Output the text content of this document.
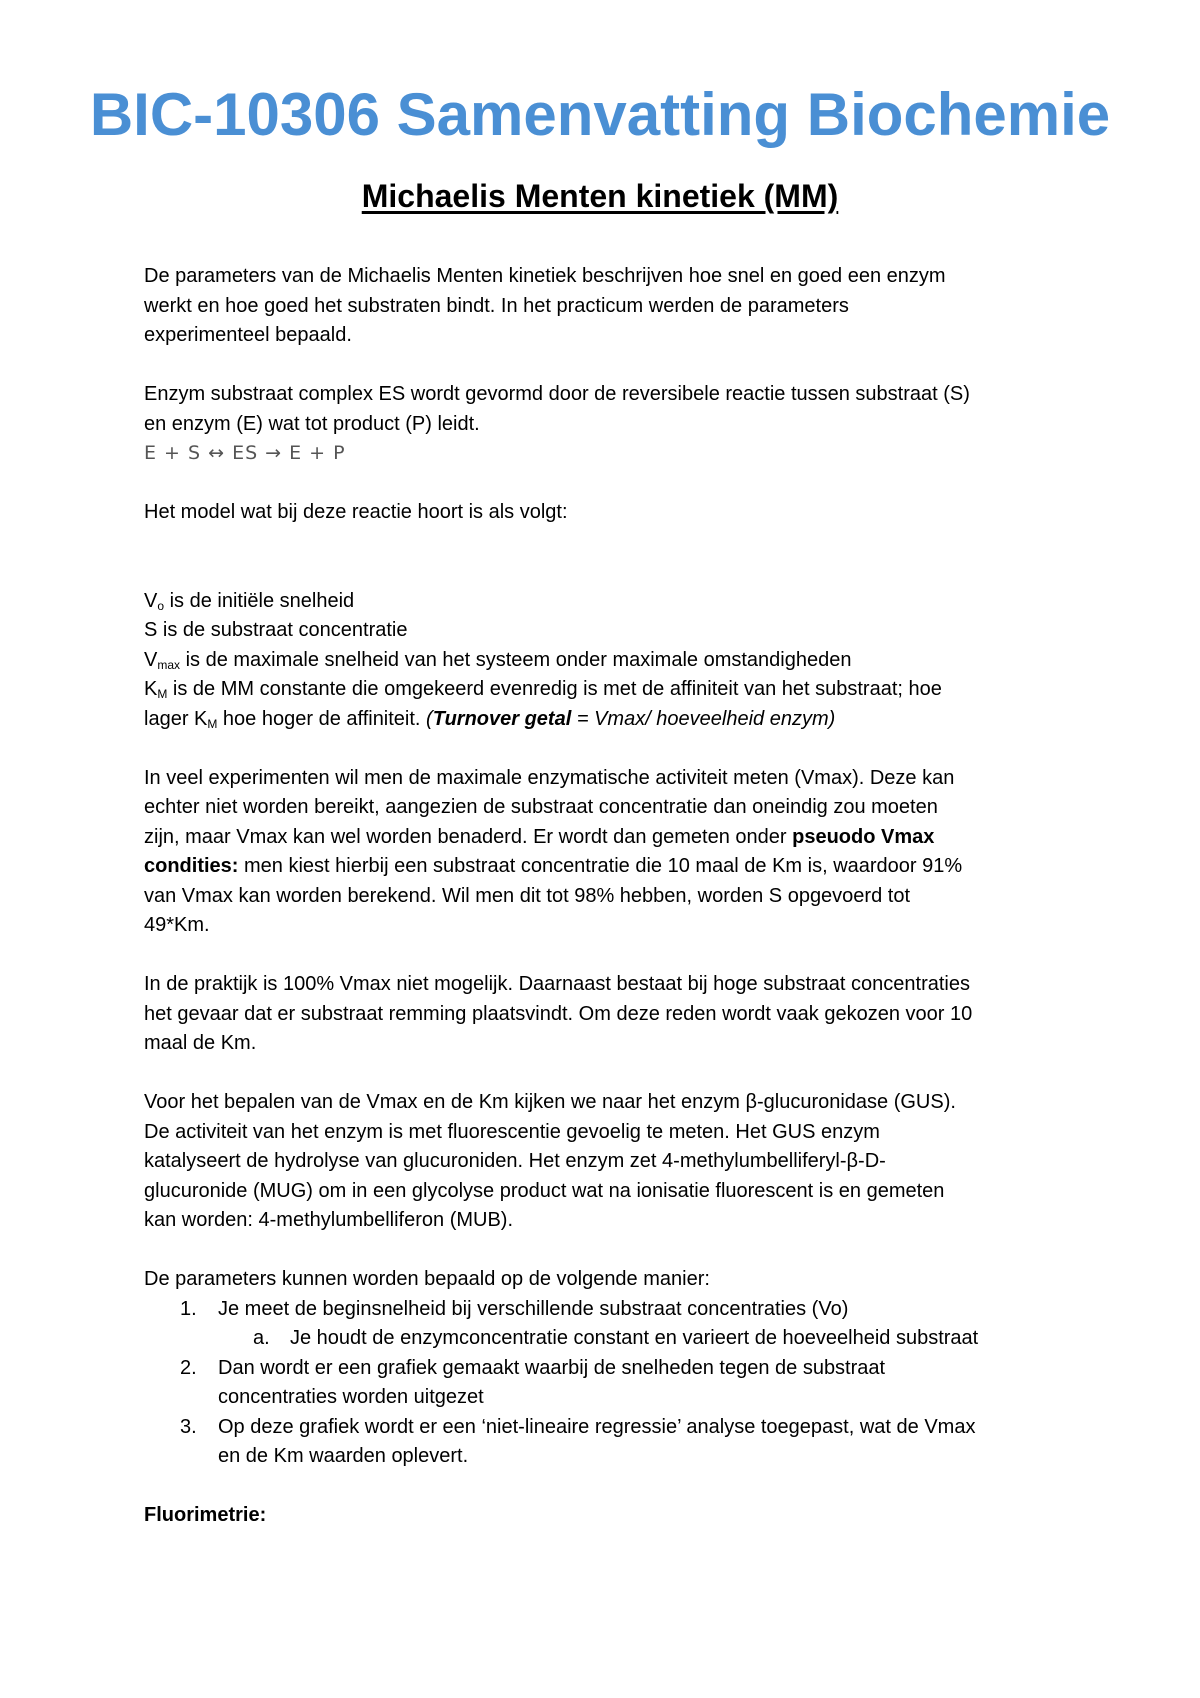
BIC-10306 Samenvatting Biochemie
Michaelis Menten kinetiek (MM)

De parameters van de Michaelis Menten kinetiek beschrijven hoe snel en goed een enzym
werkt en hoe goed het substraten bindt. In het practicum werden de parameters
experimenteel bepaald.

Enzym substraat complex ES wordt gevormd door de reversibele reactie tussen substraat (S)
en enzym (E) wat tot product (P) leidt.
E + S ↔ ES → E + P

Het model wat bij deze reactie hoort is als volgt:

$V_o$ is de initiële snelheid
S is de substraat concentratie
$V_{max}$ is de maximale snelheid van het systeem onder maximale omstandigheden
$K_M$ is de MM constante die omgekeerd evenredig is met de affiniteit van het substraat; hoe
lager $K_M$ hoe hoger de affiniteit. (Turnover getal = Vmax/ hoeveelheid enzym)

In veel experimenten wil men de maximale enzymatische activiteit meten (Vmax). Deze kan
echter niet worden bereikt, aangezien de substraat concentratie dan oneindig zou moeten
zijn, maar Vmax kan wel worden benaderd. Er wordt dan gemeten onder pseuodo Vmax
condities: men kiest hierbij een substraat concentratie die 10 maal de Km is, waardoor 91%
van Vmax kan worden berekend. Wil men dit tot 98% hebben, worden S opgevoerd tot
49*Km.

In de praktijk is 100% Vmax niet mogelijk. Daarnaast bestaat bij hoge substraat concentraties
het gevaar dat er substraat remming plaatsvindt. Om deze reden wordt vaak gekozen voor 10
maal de Km.

Voor het bepalen van de Vmax en de Km kijken we naar het enzym β-glucuronidase (GUS).
De activiteit van het enzym is met fluorescentie gevoelig te meten. Het GUS enzym
katalyseert de hydrolyse van glucuroniden. Het enzym zet 4-methylumbelliferyl-β-D-
glucuronide (MUG) om in een glycolyse product wat na ionisatie fluorescent is en gemeten
kan worden: 4-methylumbelliferon (MUB).

De parameters kunnen worden bepaald op de volgende manier:

1. Je meet de beginsnelheid bij verschillende substraat concentraties (Vo)
a. Je houdt de enzymconcentratie constant en varieert de hoeveelheid substraat
2. Dan wordt er een grafiek gemaakt waarbij de snelheden tegen de substraat
concentraties worden uitgezet
3. Op deze grafiek wordt er een ‘niet-lineaire regressie’ analyse toegepast, wat de Vmax
en de Km waarden oplevert.

Fluorimetrie:
